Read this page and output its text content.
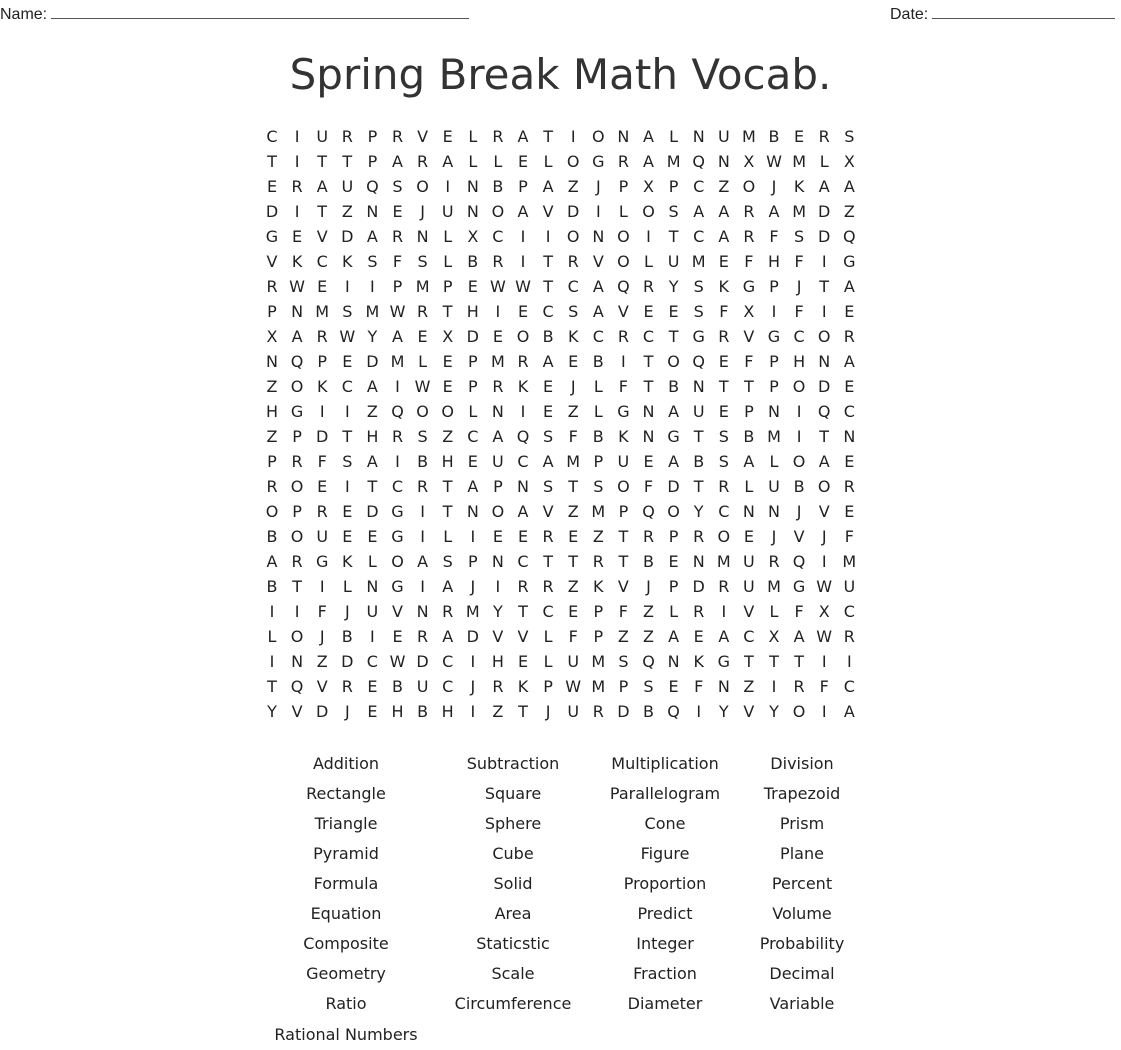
Name:	Date:
Spring Break Math Vocab.
C	I	U R P R V E L R A T	I	O N A L N U M B E R S
T	I	T T P A R A L	L E L O G R A M Q N X W M L X
E R A U Q S O	I	N B P A Z	J	P X P C Z O	J	K A A
D	I	T Z N E	J	U N O A V D	I	L O S A A R A M D Z
G E V D A R N L X C	I	I	O N O	I	T C A R F S D Q
V K C K S F S L B R	I	T R V O L U M E F H F	I	G
R W E	I	I	P M P E W W T C A Q R Y S K G P	J	T A
P N M S M W R T H	I	E C S A V E E S F X	I	F	I	E
X A R W Y A E X D E O B K C R C T G R V G C O R
N Q P E D M L E P M R A E B	I	T O Q E F P H N A
Z O K C A	I W E P R K E	J	L	F T B N T T P O D E
H G	I	I	Z Q O O L N	I	E Z L G N A U E P N	I	Q C
Z P D T H R S Z C A Q S F B K N G T S B M I	T N
P R F S A	I	B H E U C A M P U E A B S A L O A E
R O E	I	T C R T A P N S T S O F D T R L U B O R
O P R E D G	I	T N O A V Z M P Q O Y C N N	J	V E
B O U E E G	I	L	I	E E R E Z T R P R O E	J	V	J	F
A R G K L O A S P N C T T R T B E N M U R Q	I M
B T	I	L N G	I	A	J	I	R R Z K V	J	P D R U M G W U
I	I	F	J	U V N R M Y T C E P F Z L R	I	V L	F X C
L O	J	B	I	E R A D V V L	F P Z Z A E A C X A W R
I	N Z D C W D C	I	H E L U M S Q N K G T T T	I	I
T Q V R E B U C	J	R K P W M P S E F N Z	I	R F C
Y V D	J	E H B H	I	Z T	J	U R D B Q	I	Y V Y O	I	A
Addition	Subtraction	Multiplication	Division
Rectangle	Square	Parallelogram	Trapezoid
Triangle	Sphere	Cone	Prism
Pyramid	Cube	Figure	Plane
Formula	Solid	Proportion	Percent
Equation	Area	Predict	Volume
Composite	Staticstic	Integer	Probability
Geometry	Scale	Fraction	Decimal
Ratio	Circumference	Diameter	Variable
Rational Numbers
